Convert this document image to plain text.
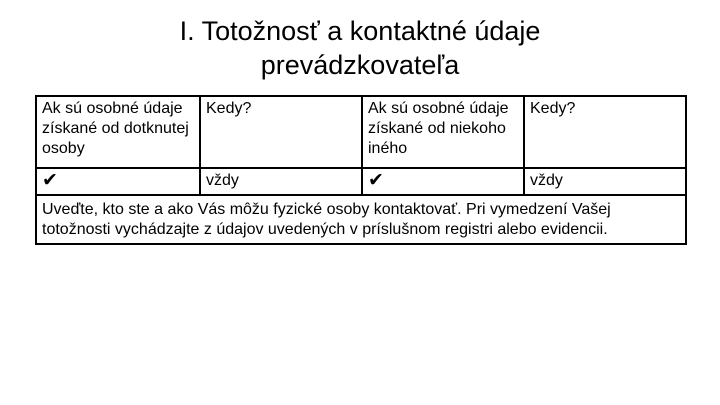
I. Totožnosť a kontaktné údaje
prevádzkovateľa
Ak sú osobné údaje získané od dotknutej osoby	Kedy?	Ak sú osobné údaje získané od niekoho iného	Kedy?
✔	vždy	✔	vždy
Uveďte, kto ste a ako Vás môžu fyzické osoby kontaktovať. Pri vymedzení Vašej totožnosti vychádzajte z údajov uvedených v príslušnom registri alebo evidencii.			
